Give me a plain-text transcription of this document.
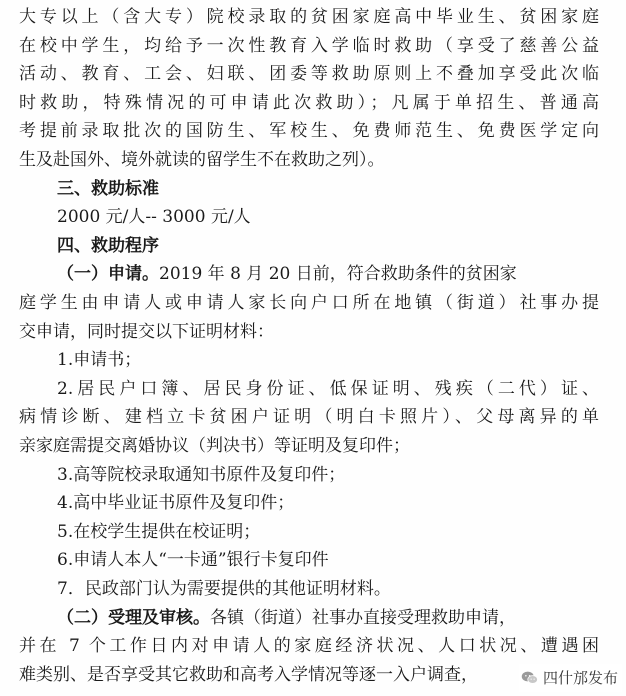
大专以上（含大专）院校录取的贫困家庭高中毕业生、贫困家庭
在校中学生，均给予一次性教育入学临时救助（享受了慈善公益
活动、教育、工会、妇联、团委等救助原则上不叠加享受此次临
时救助，特殊情况的可申请此次救助）；凡属于单招生、普通高
考提前录取批次的国防生、军校生、免费师范生、免费医学定向
生及赴国外、境外就读的留学生不在救助之列）。
三、救助标准
2000 元/人-- 3000 元/人
四、救助程序
（一）申请。2019 年 8 月 20 日前，符合救助条件的贫困家
庭学生由申请人或申请人家长向户口所在地镇（街道）社事办提
交申请，同时提交以下证明材料：
1.申请书；
2.居民户口簿、居民身份证、低保证明、残疾（二代）证、
病情诊断、建档立卡贫困户证明（明白卡照片）、父母离异的单
亲家庭需提交离婚协议（判决书）等证明及复印件；
3.高等院校录取通知书原件及复印件；
4.高中毕业证书原件及复印件；
5.在校学生提供在校证明；
6.申请人本人“一卡通”银行卡复印件
7．民政部门认为需要提供的其他证明材料。
（二）受理及审核。各镇（街道）社事办直接受理救助申请，
并在 7 个工作日内对申请人的家庭经济状况、人口状况、遭遇困
难类别、是否享受其它救助和高考入学情况等逐一入户调查，	四什邡发布
